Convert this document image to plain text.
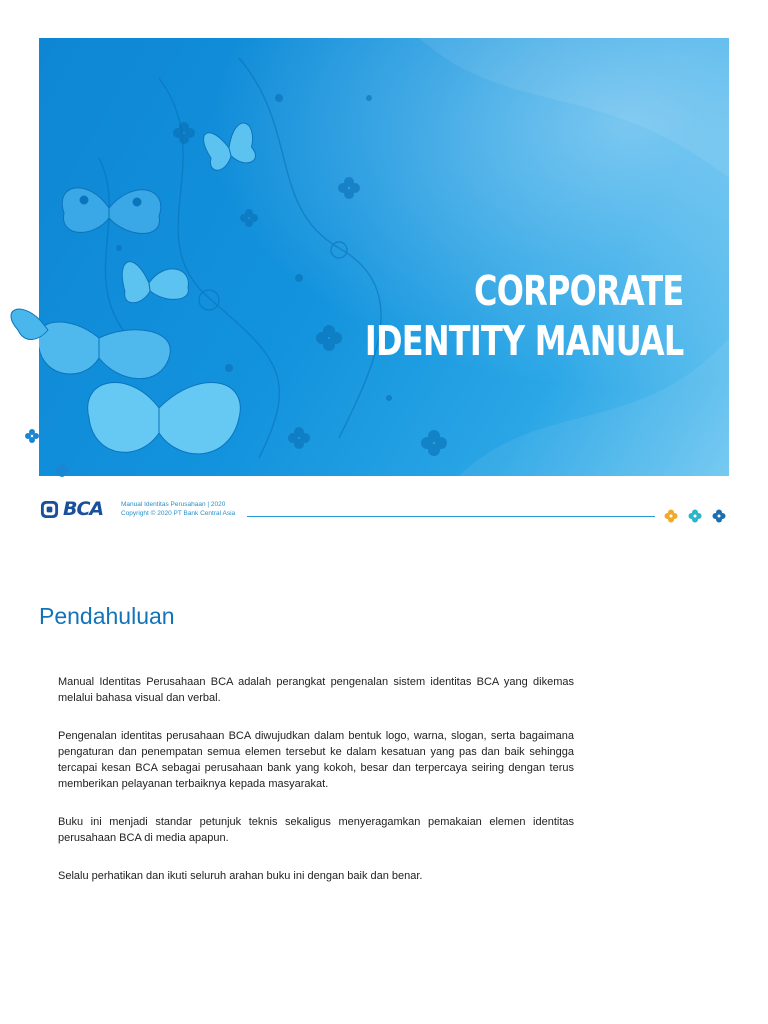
CORPORATE
IDENTITY MANUAL
BCA	Manual Identitas Perusahaan | 2020
Copyright © 2020 PT Bank Central Asia
Pendahuluan

Manual Identitas Perusahaan BCA adalah perangkat pengenalan sistem identitas BCA yang dikemas melalui bahasa visual dan verbal.

Pengenalan identitas perusahaan BCA diwujudkan dalam bentuk logo, warna, slogan, serta bagaimana pengaturan dan penempatan semua elemen tersebut ke dalam kesatuan yang pas dan baik sehingga tercapai kesan BCA sebagai perusahaan bank yang kokoh, besar dan terpercaya seiring dengan terus memberikan pelayanan terbaiknya kepada masyarakat.

Buku ini menjadi standar petunjuk teknis sekaligus menyeragamkan pemakaian elemen identitas perusahaan BCA di media apapun.

Selalu perhatikan dan ikuti seluruh arahan buku ini dengan baik dan benar.
